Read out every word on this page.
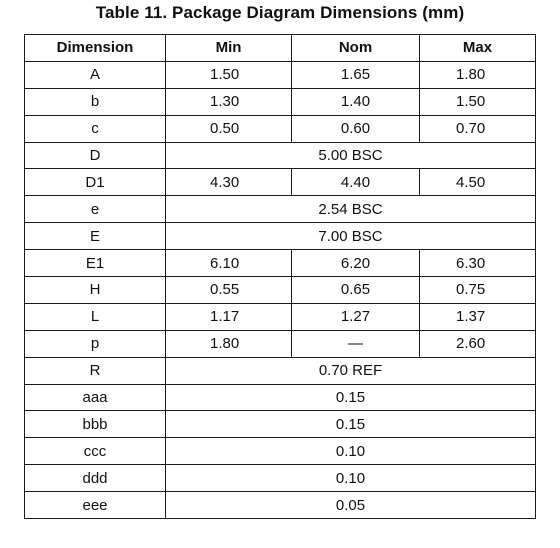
Table 11. Package Diagram Dimensions (mm)
Dimension	Min	Nom	Max
A	1.50	1.65	1.80
b	1.30	1.40	1.50
c	0.50	0.60	0.70
D	5.00 BSC		
D1	4.30	4.40	4.50
e	2.54 BSC		
E	7.00 BSC		
E1	6.10	6.20	6.30
H	0.55	0.65	0.75
L	1.17	1.27	1.37
p	1.80	—	2.60
R	0.70 REF		
aaa	0.15		
bbb	0.15		
ccc	0.10		
ddd	0.10		
eee	0.05		
